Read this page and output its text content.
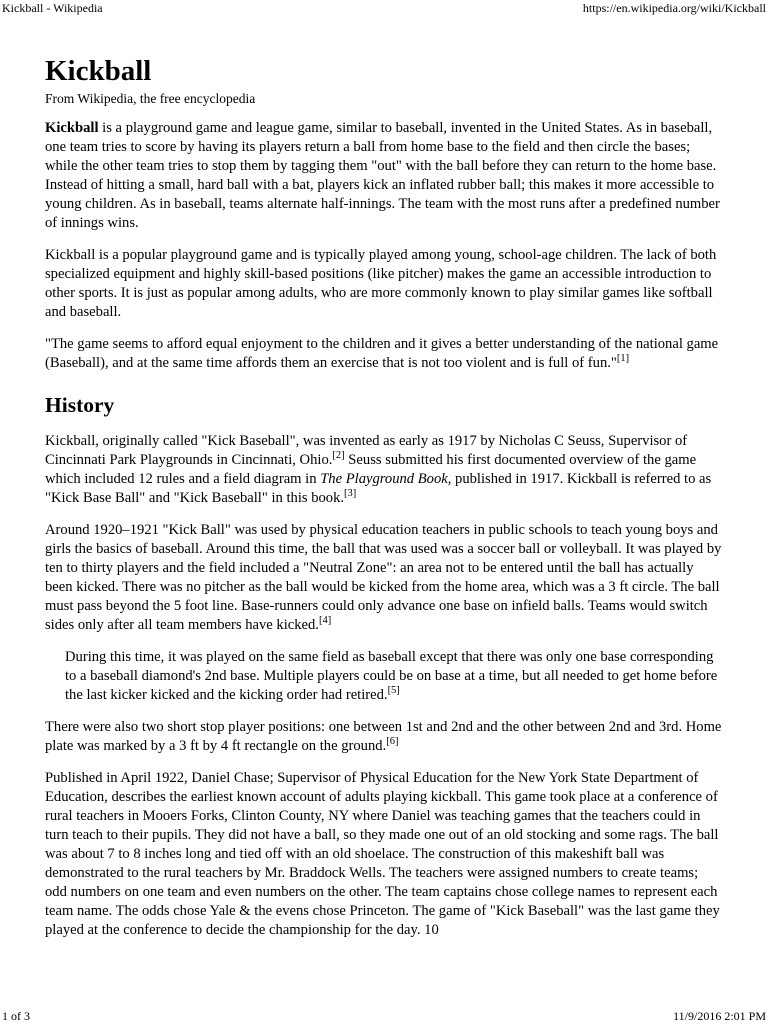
Kickball - Wikipedia	https://en.wikipedia.org/wiki/Kickball
Kickball
From Wikipedia, the free encyclopedia

Kickball is a playground game and league game, similar to baseball, invented in the United States. As in baseball, one team tries to score by having its players return a ball from home base to the field and then circle the bases; while the other team tries to stop them by tagging them "out" with the ball before they can return to the home base. Instead of hitting a small, hard ball with a bat, players kick an inflated rubber ball; this makes it more accessible to young children. As in baseball, teams alternate half-innings. The team with the most runs after a predefined number of innings wins.

Kickball is a popular playground game and is typically played among young, school-age children. The lack of both specialized equipment and highly skill-based positions (like pitcher) makes the game an accessible introduction to other sports. It is just as popular among adults, who are more commonly known to play similar games like softball and baseball.

"The game seems to afford equal enjoyment to the children and it gives a better understanding of the national game (Baseball), and at the same time affords them an exercise that is not too violent and is full of fun."[1]

History

Kickball, originally called "Kick Baseball", was invented as early as 1917 by Nicholas C Seuss, Supervisor of Cincinnati Park Playgrounds in Cincinnati, Ohio.[2] Seuss submitted his first documented overview of the game which included 12 rules and a field diagram in The Playground Book, published in 1917. Kickball is referred to as "Kick Base Ball" and "Kick Baseball" in this book.[3]

Around 1920–1921 "Kick Ball" was used by physical education teachers in public schools to teach young boys and girls the basics of baseball. Around this time, the ball that was used was a soccer ball or volleyball. It was played by ten to thirty players and the field included a "Neutral Zone": an area not to be entered until the ball has actually been kicked. There was no pitcher as the ball would be kicked from the home area, which was a 3 ft circle. The ball must pass beyond the 5 foot line. Base-runners could only advance one base on infield balls. Teams would switch sides only after all team members have kicked.[4]

During this time, it was played on the same field as baseball except that there was only one base corresponding to a baseball diamond's 2nd base. Multiple players could be on base at a time, but all needed to get home before the last kicker kicked and the kicking order had retired.[5]

There were also two short stop player positions: one between 1st and 2nd and the other between 2nd and 3rd. Home plate was marked by a 3 ft by 4 ft rectangle on the ground.[6]

Published in April 1922, Daniel Chase; Supervisor of Physical Education for the New York State Department of Education, describes the earliest known account of adults playing kickball. This game took place at a conference of rural teachers in Mooers Forks, Clinton County, NY where Daniel was teaching games that the teachers could in turn teach to their pupils. They did not have a ball, so they made one out of an old stocking and some rags. The ball was about 7 to 8 inches long and tied off with an old shoelace. The construction of this makeshift ball was demonstrated to the rural teachers by Mr. Braddock Wells. The teachers were assigned numbers to create teams; odd numbers on one team and even numbers on the other. The team captains chose college names to represent each team name. The odds chose Yale & the evens chose Princeton. The game of "Kick Baseball" was the last game they played at the conference to decide the championship for the day. 10

1 of 3	11/9/2016 2:01 PM
